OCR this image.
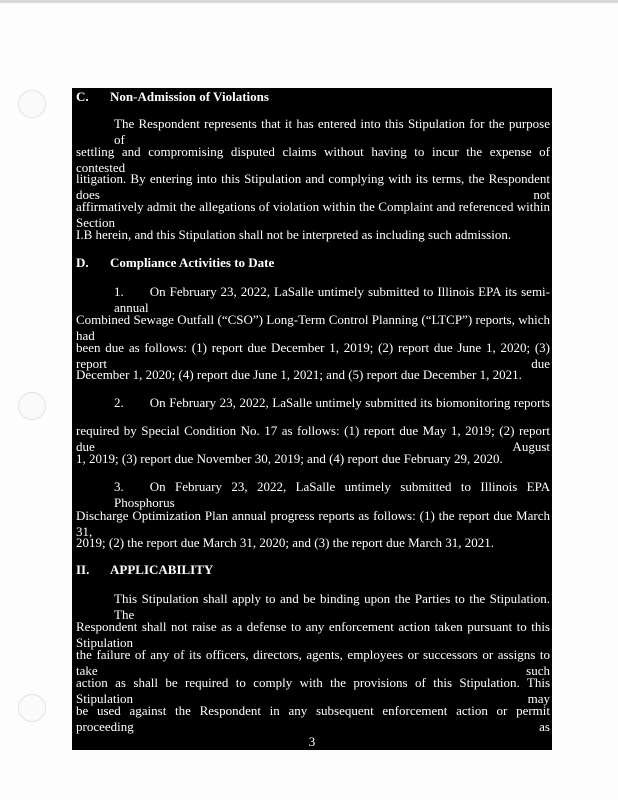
C. Non-Admission of Violations
The Respondent represents that it has entered into this Stipulation for the purpose of
settling and compromising disputed claims without having to incur the expense of contested
litigation. By entering into this Stipulation and complying with its terms, the Respondent does not
affirmatively admit the allegations of violation within the Complaint and referenced within Section
I.B herein, and this Stipulation shall not be interpreted as including such admission.
D. Compliance Activities to Date
1.  On February 23, 2022, LaSalle untimely submitted to Illinois EPA its semi-annual
Combined Sewage Outfall (“CSO”) Long-Term Control Planning (“LTCP”) reports, which had
been due as follows: (1) report due December 1, 2019; (2) report due June 1, 2020; (3) report due
December 1, 2020; (4) report due June 1, 2021; and (5) report due December 1, 2021.
2.  On February 23, 2022, LaSalle untimely submitted its biomonitoring reports
required by Special Condition No. 17 as follows: (1) report due May 1, 2019; (2) report due August
1, 2019; (3) report due November 30, 2019; and (4) report due February 29, 2020.
3.  On February 23, 2022, LaSalle untimely submitted to Illinois EPA Phosphorus
Discharge Optimization Plan annual progress reports as follows: (1) the report due March 31,
2019; (2) the report due March 31, 2020; and (3) the report due March 31, 2021.
II. APPLICABILITY
This Stipulation shall apply to and be binding upon the Parties to the Stipulation. The
Respondent shall not raise as a defense to any enforcement action taken pursuant to this Stipulation
the failure of any of its officers, directors, agents, employees or successors or assigns to take such
action as shall be required to comply with the provisions of this Stipulation. This Stipulation may
be used against the Respondent in any subsequent enforcement action or permit proceeding as
3
